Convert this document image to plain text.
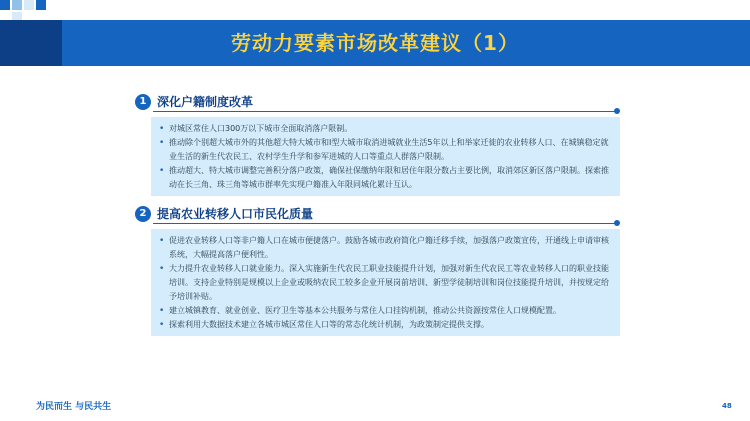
劳动力要素市场改革建议（1）
1 深化户籍制度改革
• 对城区常住人口300万以下城市全面取消落户限制。
• 推动除个别超大城市外的其他超大特大城市和Ⅰ型大城市取消进城就业生活5年以上和举家迁徙的农业转移人口、在城镇稳定就业生活的新生代农民工、农村学生升学和参军进城的人口等重点人群落户限制。
• 推动超大、特大城市调整完善积分落户政策，确保社保缴纳年限和居住年限分数占主要比例，取消郊区新区落户限制。探索推动在长三角、珠三角等城市群率先实现户籍准入年限同城化累计互认。
2 提高农业转移人口市民化质量
• 促进农业转移人口等非户籍人口在城市便捷落户。鼓励各城市政府简化户籍迁移手续，加强落户政策宣传，开通线上申请审核系统，大幅提高落户便利性。
• 大力提升农业转移人口就业能力。深入实施新生代农民工职业技能提升计划，加强对新生代农民工等农业转移人口的职业技能培训。支持企业特别是规模以上企业或吸纳农民工较多企业开展岗前培训、新型学徒制培训和岗位技能提升培训，并按规定给予培训补贴。
• 建立城镇教育、就业创业、医疗卫生等基本公共服务与常住人口挂钩机制，推动公共资源按常住人口规模配置。
• 探索利用大数据技术建立各城市城区常住人口等的常态化统计机制，为政策制定提供支撑。
为民而生 与民共生	48
